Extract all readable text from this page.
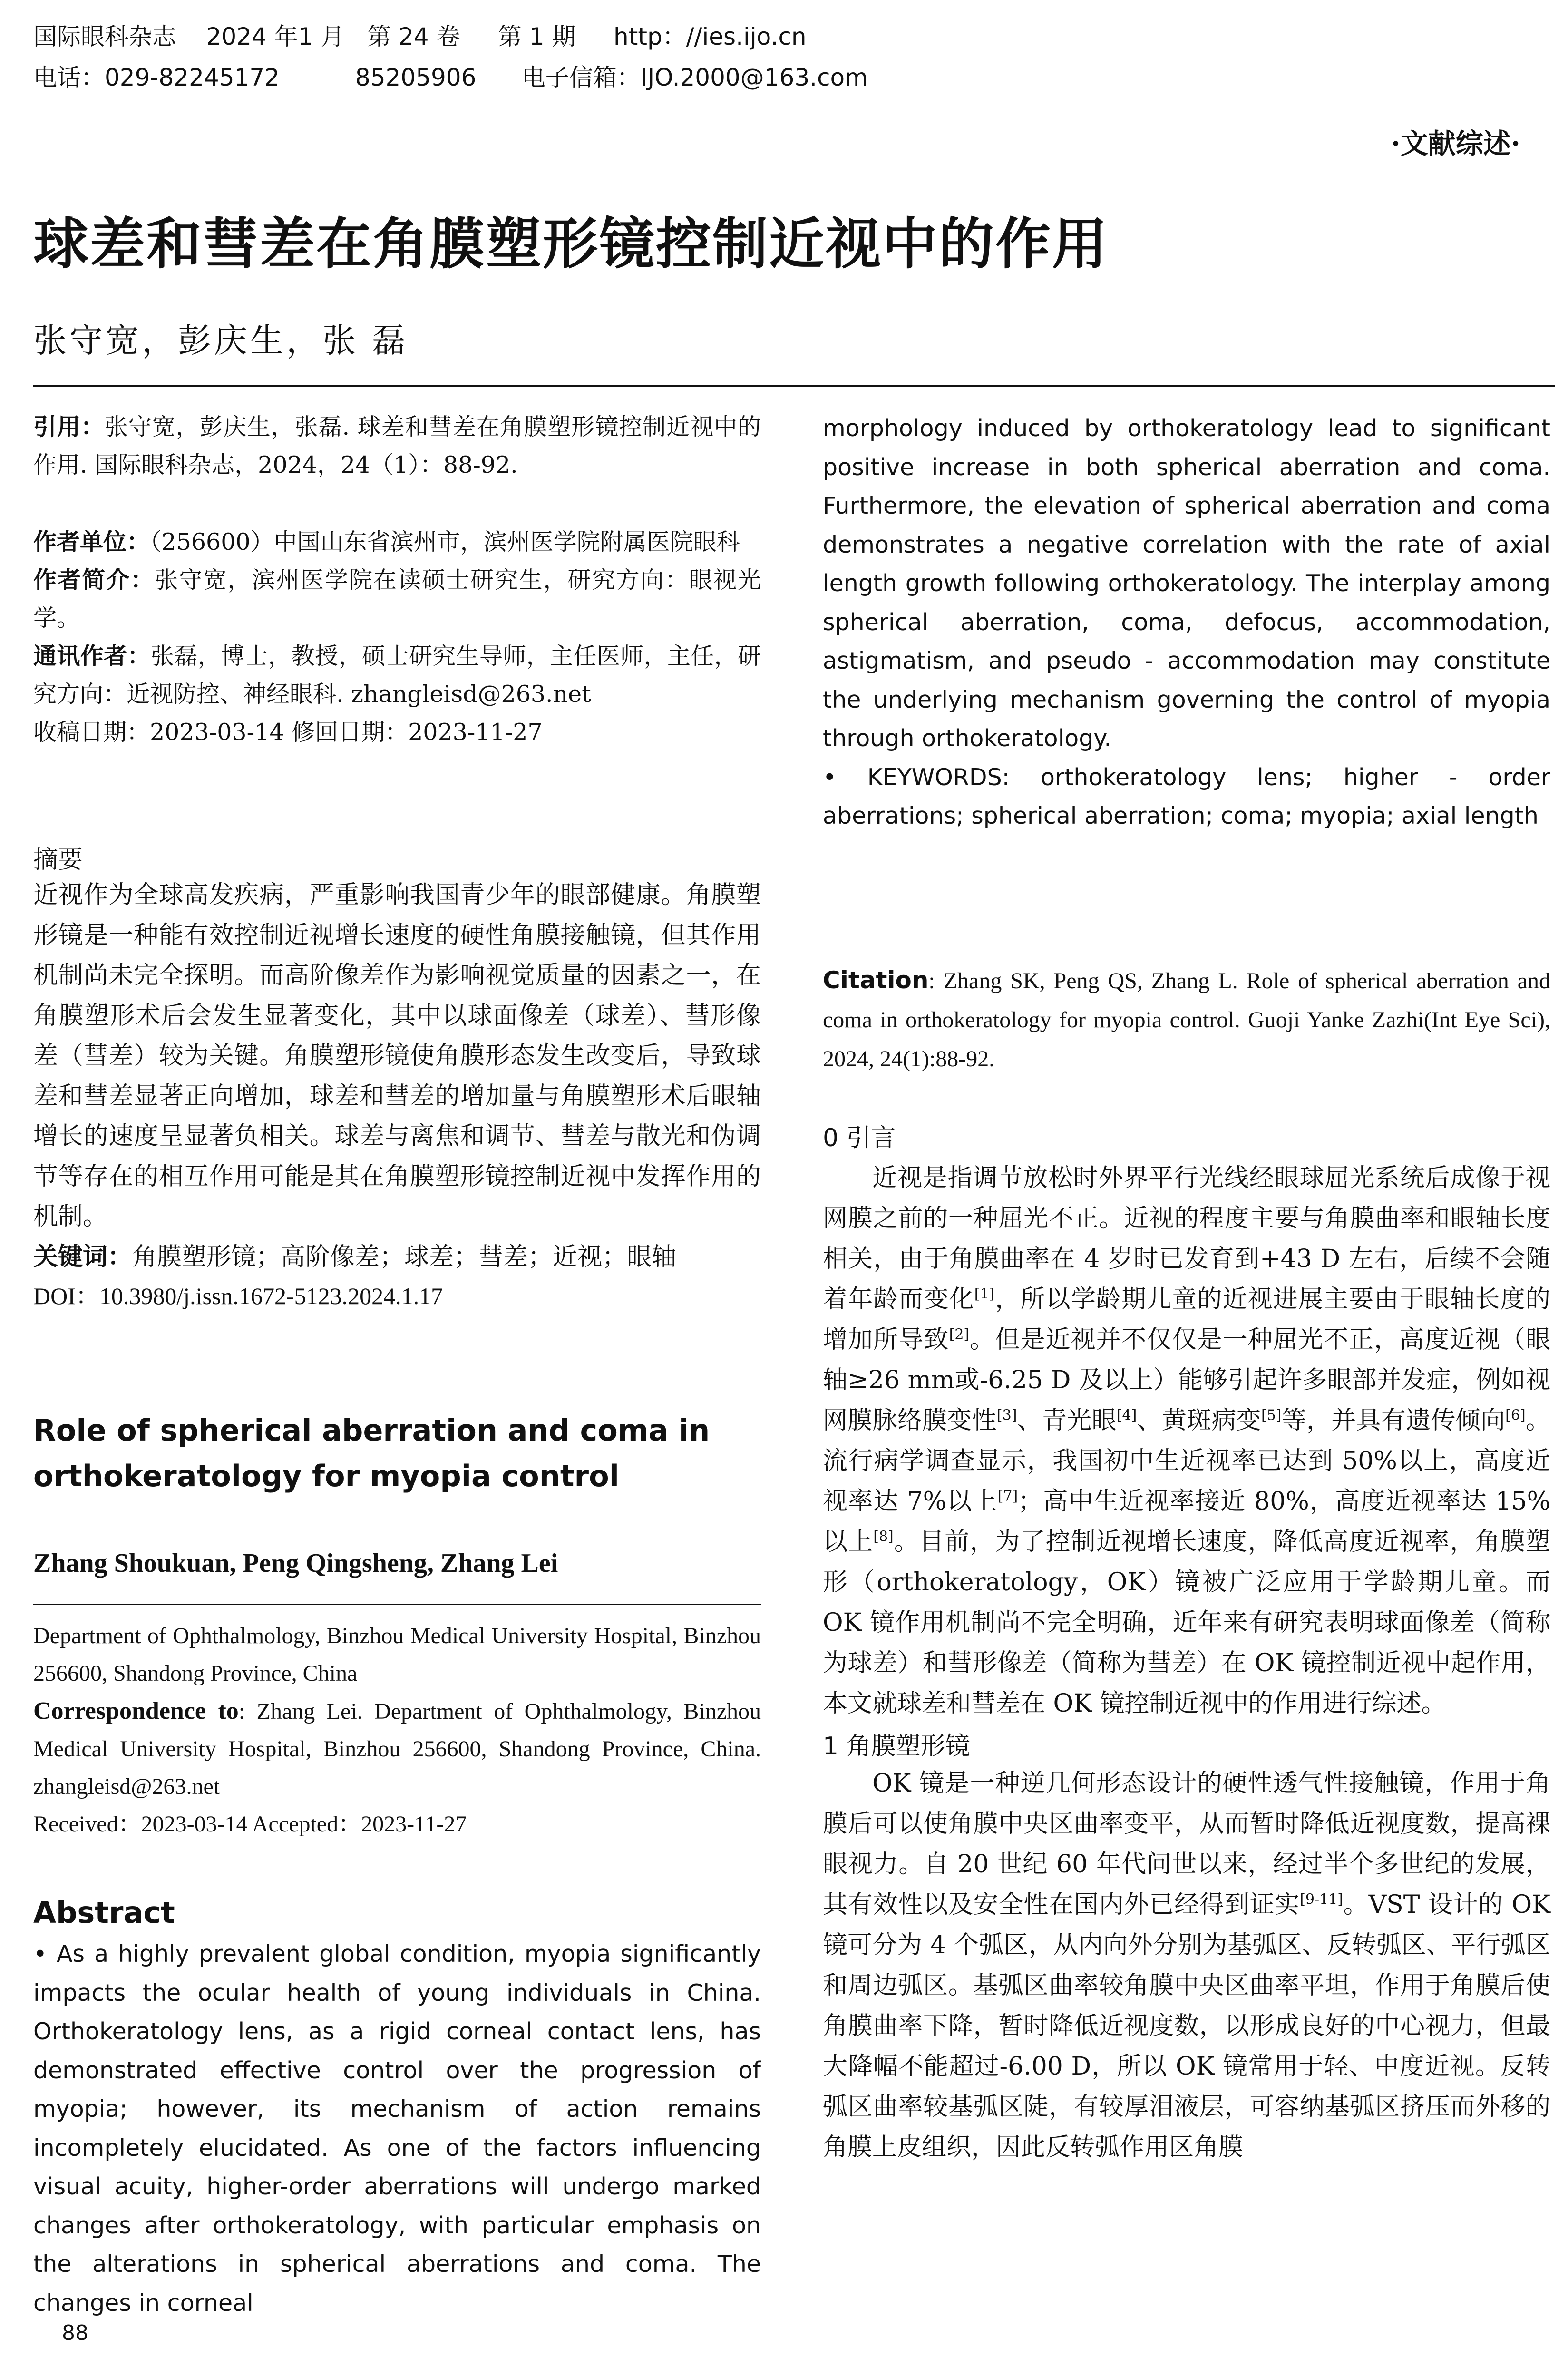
国际眼科杂志    2024 年1 月   第 24 卷     第 1 期     http：//ies.ijo.cn
电话：029-82245172          85205906      电子信箱：IJO.2000@163.com
·文献综述·
球差和彗差在角膜塑形镜控制近视中的作用
张守宽，彭庆生，张 磊

引用：张守宽，彭庆生，张磊. 球差和彗差在角膜塑形镜控制近视中的作用. 国际眼科杂志，2024，24（1）：88-92.

作者单位：（256600）中国山东省滨州市，滨州医学院附属医院眼科

作者简介：张守宽，滨州医学院在读硕士研究生，研究方向：眼视光学。

通讯作者：张磊，博士，教授，硕士研究生导师，主任医师，主任，研究方向：近视防控、神经眼科. zhangleisd@263.net

收稿日期：2023-03-14 修回日期：2023-11-27

摘要

近视作为全球高发疾病，严重影响我国青少年的眼部健康。角膜塑形镜是一种能有效控制近视增长速度的硬性角膜接触镜，但其作用机制尚未完全探明。而高阶像差作为影响视觉质量的因素之一，在角膜塑形术后会发生显著变化，其中以球面像差（球差）、彗形像差（彗差）较为关键。角膜塑形镜使角膜形态发生改变后，导致球差和彗差显著正向增加，球差和彗差的增加量与角膜塑形术后眼轴增长的速度呈显著负相关。球差与离焦和调节、彗差与散光和伪调节等存在的相互作用可能是其在角膜塑形镜控制近视中发挥作用的机制。

关键词：角膜塑形镜；高阶像差；球差；彗差；近视；眼轴

DOI：10.3980/j.issn.1672-5123.2024.1.17

Role of spherical aberration and coma in orthokeratology for myopia control

Zhang Shoukuan, Peng Qingsheng, Zhang Lei

Department of Ophthalmology, Binzhou Medical University Hospital, Binzhou 256600, Shandong Province, China

Correspondence to: Zhang Lei. Department of Ophthalmology, Binzhou Medical University Hospital, Binzhou 256600, Shandong Province, China. zhangleisd@263.net

Received：2023-03-14 Accepted：2023-11-27

Abstract

• As a highly prevalent global condition, myopia significantly impacts the ocular health of young individuals in China. Orthokeratology lens, as a rigid corneal contact lens, has demonstrated effective control over the progression of myopia; however, its mechanism of action remains incompletely elucidated. As one of the factors influencing visual acuity, higher-order aberrations will undergo marked changes after orthokeratology, with particular emphasis on the alterations in spherical aberrations and coma. The changes in corneal

88

morphology induced by orthokeratology lead to significant positive increase in both spherical aberration and coma. Furthermore, the elevation of spherical aberration and coma demonstrates a negative correlation with the rate of axial length growth following orthokeratology. The interplay among spherical aberration, coma, defocus, accommodation, astigmatism, and pseudo - accommodation may constitute the underlying mechanism governing the control of myopia through orthokeratology.

• KEYWORDS: orthokeratology lens; higher - order aberrations; spherical aberration; coma; myopia; axial length

Citation: Zhang SK, Peng QS, Zhang L. Role of spherical aberration and coma in orthokeratology for myopia control. Guoji Yanke Zazhi(Int Eye Sci), 2024, 24(1):88-92.

0 引言

近视是指调节放松时外界平行光线经眼球屈光系统后成像于视网膜之前的一种屈光不正。近视的程度主要与角膜曲率和眼轴长度相关，由于角膜曲率在 4 岁时已发育到+43 D 左右，后续不会随着年龄而变化[1]，所以学龄期儿童的近视进展主要由于眼轴长度的增加所导致[2]。但是近视并不仅仅是一种屈光不正，高度近视（眼轴≥26 mm或-6.25 D 及以上）能够引起许多眼部并发症，例如视网膜脉络膜变性[3]、青光眼[4]、黄斑病变[5]等，并具有遗传倾向[6]。流行病学调查显示，我国初中生近视率已达到 50%以上，高度近视率达 7%以上[7]；高中生近视率接近 80%，高度近视率达 15%以上[8]。目前，为了控制近视增长速度，降低高度近视率，角膜塑形（orthokeratology，OK）镜被广泛应用于学龄期儿童。而 OK 镜作用机制尚不完全明确，近年来有研究表明球面像差（简称为球差）和彗形像差（简称为彗差）在 OK 镜控制近视中起作用，本文就球差和彗差在 OK 镜控制近视中的作用进行综述。

1 角膜塑形镜

OK 镜是一种逆几何形态设计的硬性透气性接触镜，作用于角膜后可以使角膜中央区曲率变平，从而暂时降低近视度数，提高裸眼视力。自 20 世纪 60 年代问世以来，经过半个多世纪的发展，其有效性以及安全性在国内外已经得到证实[9-11]。VST 设计的 OK 镜可分为 4 个弧区，从内向外分别为基弧区、反转弧区、平行弧区和周边弧区。基弧区曲率较角膜中央区曲率平坦，作用于角膜后使角膜曲率下降，暂时降低近视度数，以形成良好的中心视力，但最大降幅不能超过-6.00 D，所以 OK 镜常用于轻、中度近视。反转弧区曲率较基弧区陡，有较厚泪液层，可容纳基弧区挤压而外移的角膜上皮组织，因此反转弧作用区角膜
